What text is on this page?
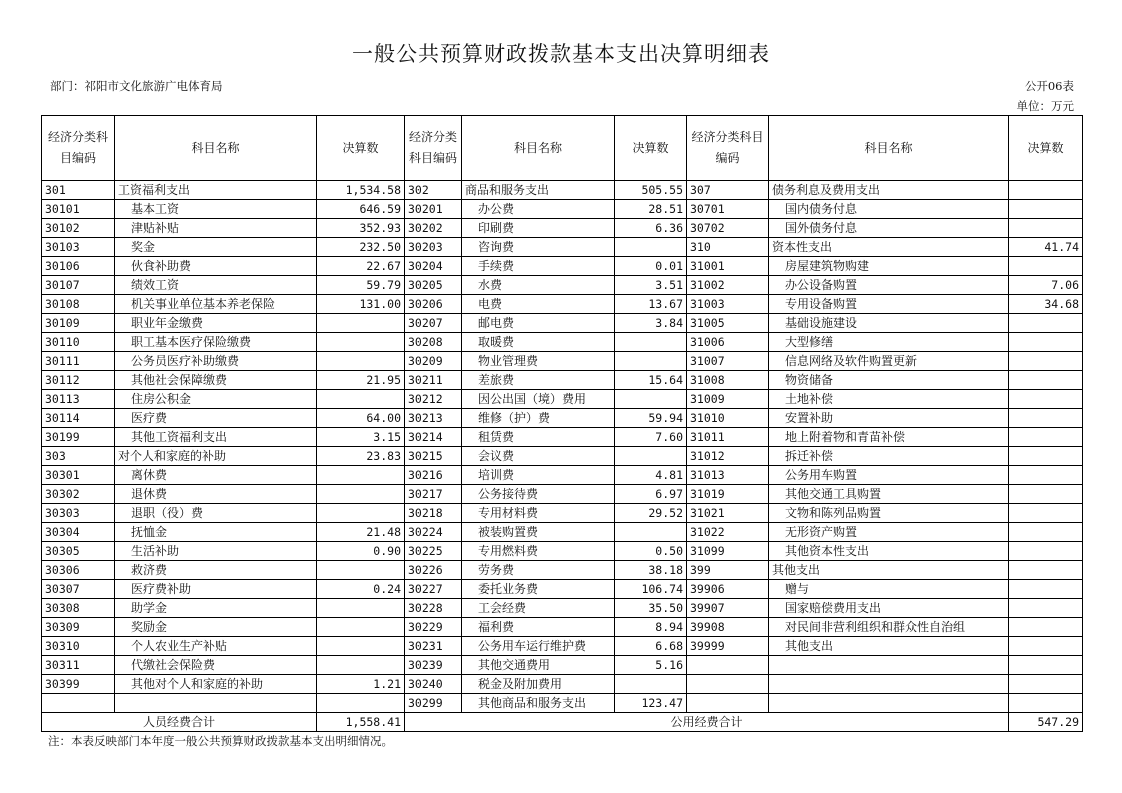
一般公共预算财政拨款基本支出决算明细表
部门：祁阳市文化旅游广电体育局	公开06表
单位：万元
经济分类科目编码	科目名称	决算数	经济分类科目编码	科目名称	决算数	经济分类科目编码	科目名称	决算数
301	工资福利支出	1,534.58	302	商品和服务支出	505.55	307	债务利息及费用支出	
30101	基本工资	646.59	30201	办公费	28.51	30701	国内债务付息	
30102	津贴补贴	352.93	30202	印刷费	6.36	30702	国外债务付息	
30103	奖金	232.50	30203	咨询费		310	资本性支出	41.74
30106	伙食补助费	22.67	30204	手续费	0.01	31001	房屋建筑物购建	
30107	绩效工资	59.79	30205	水费	3.51	31002	办公设备购置	7.06
30108	机关事业单位基本养老保险	131.00	30206	电费	13.67	31003	专用设备购置	34.68
30109	职业年金缴费		30207	邮电费	3.84	31005	基础设施建设	
30110	职工基本医疗保险缴费		30208	取暖费		31006	大型修缮	
30111	公务员医疗补助缴费		30209	物业管理费		31007	信息网络及软件购置更新	
30112	其他社会保障缴费	21.95	30211	差旅费	15.64	31008	物资储备	
30113	住房公积金		30212	因公出国（境）费用		31009	土地补偿	
30114	医疗费	64.00	30213	维修（护）费	59.94	31010	安置补助	
30199	其他工资福利支出	3.15	30214	租赁费	7.60	31011	地上附着物和青苗补偿	
303	对个人和家庭的补助	23.83	30215	会议费		31012	拆迁补偿	
30301	离休费		30216	培训费	4.81	31013	公务用车购置	
30302	退休费		30217	公务接待费	6.97	31019	其他交通工具购置	
30303	退职（役）费		30218	专用材料费	29.52	31021	文物和陈列品购置	
30304	抚恤金	21.48	30224	被装购置费		31022	无形资产购置	
30305	生活补助	0.90	30225	专用燃料费	0.50	31099	其他资本性支出	
30306	救济费		30226	劳务费	38.18	399	其他支出	
30307	医疗费补助	0.24	30227	委托业务费	106.74	39906	赠与	
30308	助学金		30228	工会经费	35.50	39907	国家赔偿费用支出	
30309	奖励金		30229	福利费	8.94	39908	对民间非营利组织和群众性自治组	
30310	个人农业生产补贴		30231	公务用车运行维护费	6.68	39999	其他支出	
30311	代缴社会保险费		30239	其他交通费用	5.16			
30399	其他对个人和家庭的补助	1.21	30240	税金及附加费用				
			30299	其他商品和服务支出	123.47			
人员经费合计		1,558.41	公用经费合计					547.29
注：本表反映部门本年度一般公共预算财政拨款基本支出明细情况。
